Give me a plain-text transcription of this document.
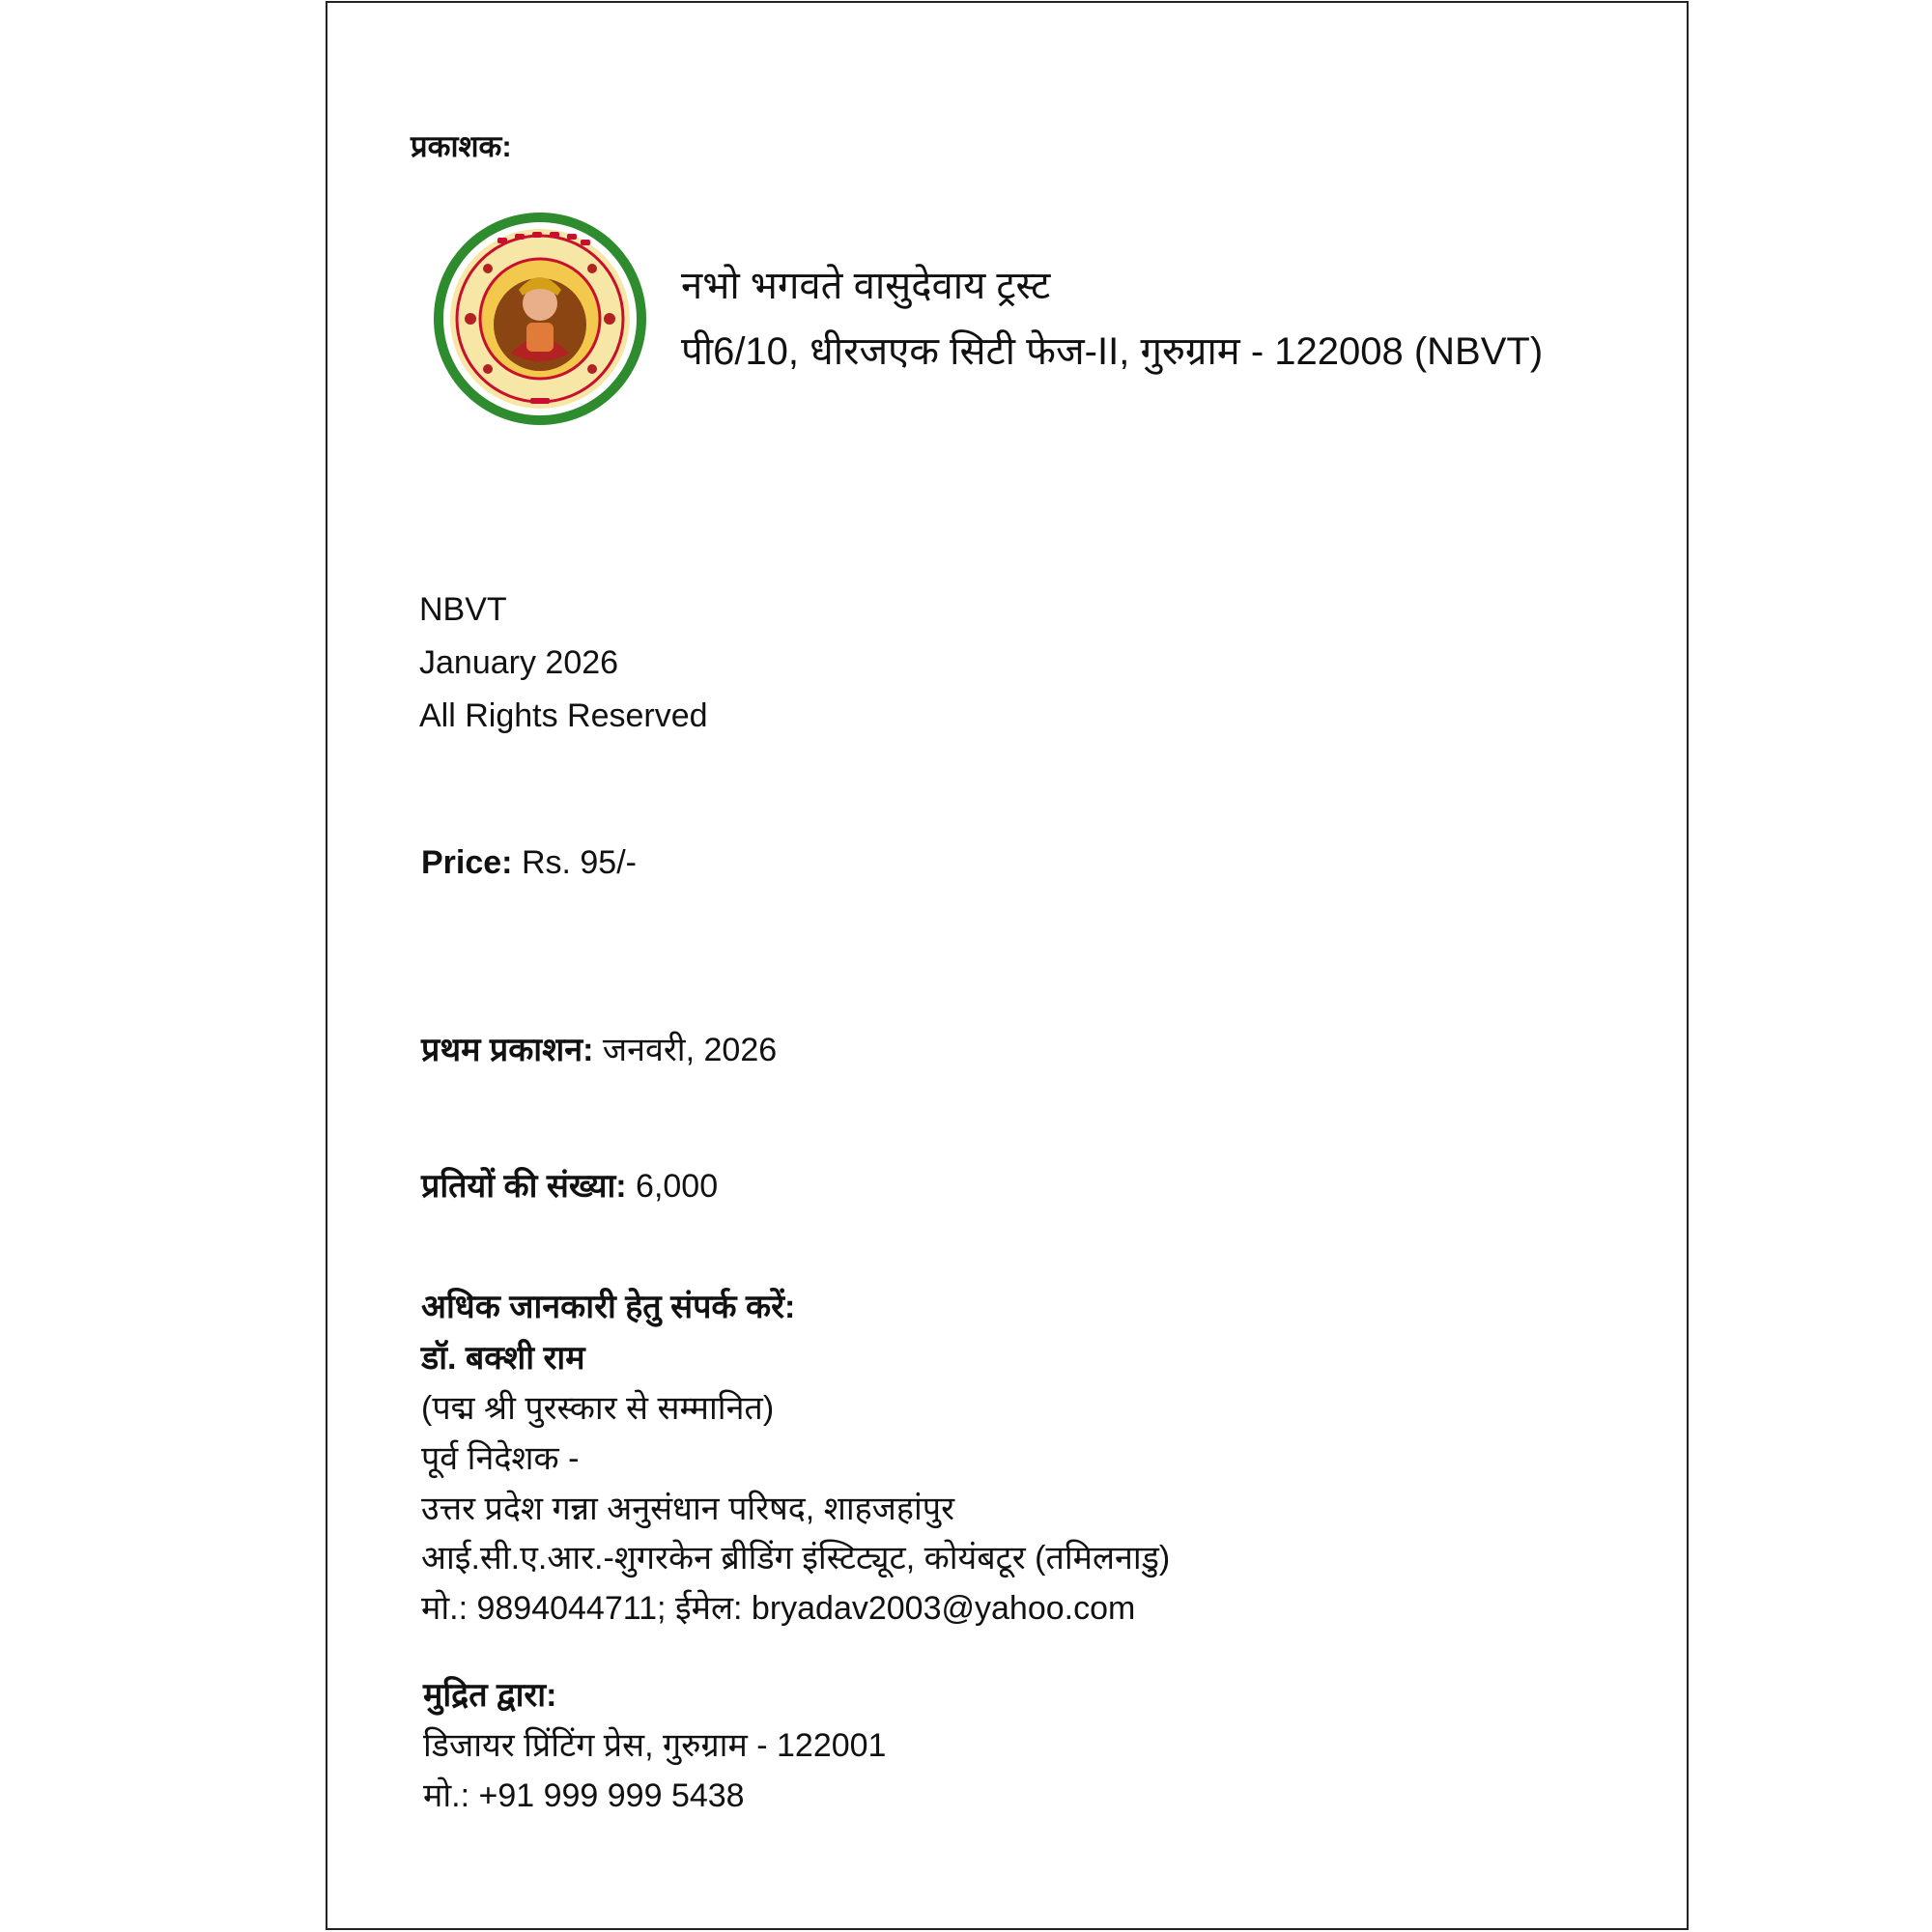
प्रकाशक:
नभो भगवते वासुदेवाय ट्रस्ट
पी6/10, धीरजएक सिटी फेज-II, गुरुग्राम - 122008 (NBVT)
NBVT
January 2026
All Rights Reserved
Price: Rs. 95/-
प्रथम प्रकाशन: जनवरी, 2026
प्रतियों की संख्या: 6,000
अधिक जानकारी हेतु संपर्क करें:
डॉ. बक्शी राम
(पद्म श्री पुरस्कार से सम्मानित)
पूर्व निदेशक -
उत्तर प्रदेश गन्ना अनुसंधान परिषद, शाहजहांपुर
आई.सी.ए.आर.-शुगरकेन ब्रीडिंग इंस्टिट्यूट, कोयंबटूर (तमिलनाडु)
मो.: 9894044711; ईमेल: bryadav2003@yahoo.com
मुद्रित द्वारा:
डिजायर प्रिंटिंग प्रेस, गुरुग्राम - 122001
मो.: +91 999 999 5438
